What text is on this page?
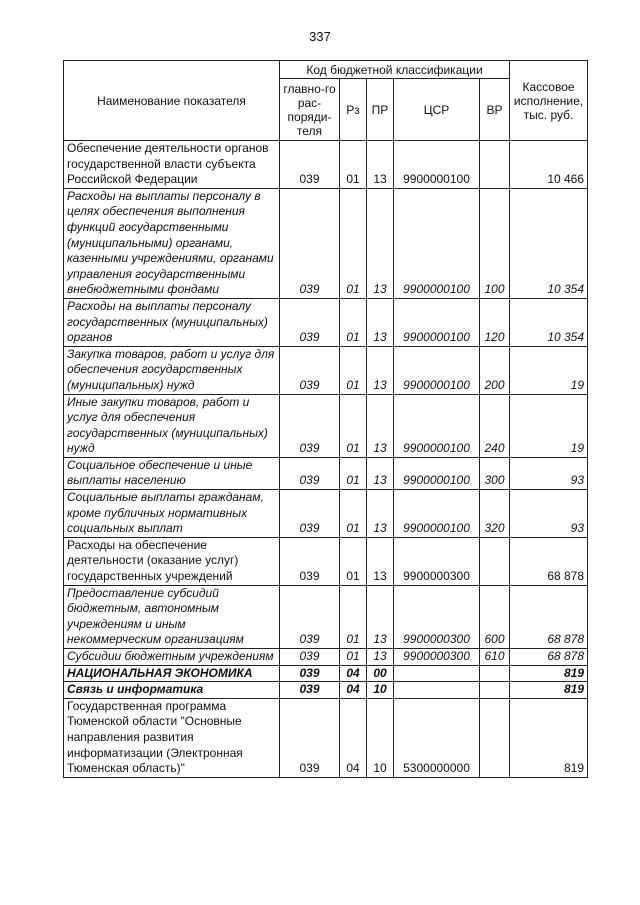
337
Наименование показателя	Код бюджетной классификации					Кассовое исполнение, тыс. руб.
	главно-го рас-поряди-теля	Рз	ПР	ЦСР	ВР	
Обеспечение деятельности органов государственной власти субъекта Российской Федерации	039	01	13	9900000100		10 466
Расходы на выплаты персоналу в целях обеспечения выполнения функций государственными (муниципальными) органами, казенными учреждениями, органами управления государственными внебюджетными фондами	039	01	13	9900000100	100	10 354
Расходы на выплаты персоналу государственных (муниципальных) органов	039	01	13	9900000100	120	10 354
Закупка товаров, работ и услуг для обеспечения государственных (муниципальных) нужд	039	01	13	9900000100	200	19
Иные закупки товаров, работ и услуг для обеспечения государственных (муниципальных) нужд	039	01	13	9900000100	240	19
Социальное обеспечение и иные выплаты населению	039	01	13	9900000100	300	93
Социальные выплаты гражданам, кроме публичных нормативных социальных выплат	039	01	13	9900000100	320	93
Расходы на обеспечение деятельности (оказание услуг) государственных учреждений	039	01	13	9900000300		68 878
Предоставление субсидий бюджетным, автономным учреждениям и иным некоммерческим организациям	039	01	13	9900000300	600	68 878
Субсидии бюджетным учреждениям	039	01	13	9900000300	610	68 878
НАЦИОНАЛЬНАЯ ЭКОНОМИКА	039	04	00			819
Связь и информатика	039	04	10			819
Государственная программа Тюменской области "Основные направления развития информатизации (Электронная Тюменская область)"	039	04	10	5300000000		819
